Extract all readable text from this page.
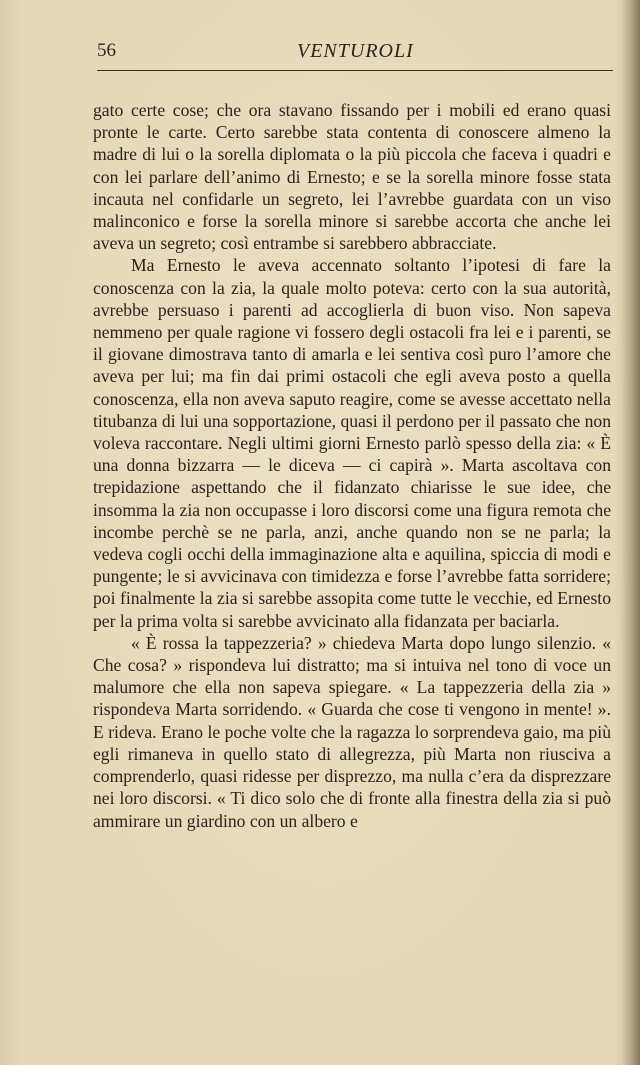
56	VENTUROLI

gato certe cose; che ora stavano fissando per i mobili ed erano quasi pronte le carte. Certo sarebbe stata contenta di conoscere almeno la madre di lui o la sorella diplomata o la più piccola che faceva i quadri e con lei parlare dell’animo di Ernesto; e se la sorella minore fosse stata incauta nel confidarle un segreto, lei l’avrebbe guardata con un viso malinconico e forse la sorella minore si sarebbe accorta che anche lei aveva un segreto; così entrambe si sarebbero abbracciate.

Ma Ernesto le aveva accennato soltanto l’ipotesi di fare la conoscenza con la zia, la quale molto poteva: certo con la sua autorità, avrebbe persuaso i parenti ad accoglierla di buon viso. Non sapeva nemmeno per quale ragione vi fossero degli ostacoli fra lei e i parenti, se il giovane dimostrava tanto di amarla e lei sentiva così puro l’amore che aveva per lui; ma fin dai primi ostacoli che egli aveva posto a quella conoscenza, ella non aveva saputo reagire, come se avesse accettato nella titubanza di lui una sopportazione, quasi il perdono per il passato che non voleva raccontare. Negli ultimi giorni Ernesto parlò spesso della zia: « È una donna bizzarra — le diceva — ci capirà ». Marta ascoltava con trepidazione aspettando che il fidanzato chiarisse le sue idee, che insomma la zia non occupasse i loro discorsi come una figura remota che incombe perchè se ne parla, anzi, anche quando non se ne parla; la vedeva cogli occhi della immaginazione alta e aquilina, spiccia di modi e pungente; le si avvicinava con timidezza e forse l’avrebbe fatta sorridere; poi finalmente la zia si sarebbe assopita come tutte le vecchie, ed Ernesto per la prima volta si sarebbe avvicinato alla fidanzata per baciarla.

« È rossa la tappezzeria? » chiedeva Marta dopo lungo silenzio. « Che cosa? » rispondeva lui distratto; ma si intuiva nel tono di voce un malumore che ella non sapeva spiegare. « La tappezzeria della zia » rispondeva Marta sorridendo. « Guarda che cose ti vengono in mente! ». E rideva. Erano le poche volte che la ragazza lo sorprendeva gaio, ma più egli rimaneva in quello stato di allegrezza, più Marta non riusciva a comprenderlo, quasi ridesse per disprezzo, ma nulla c’era da disprezzare nei loro discorsi. « Ti dico solo che di fronte alla finestra della zia si può ammirare un giardino con un albero e
